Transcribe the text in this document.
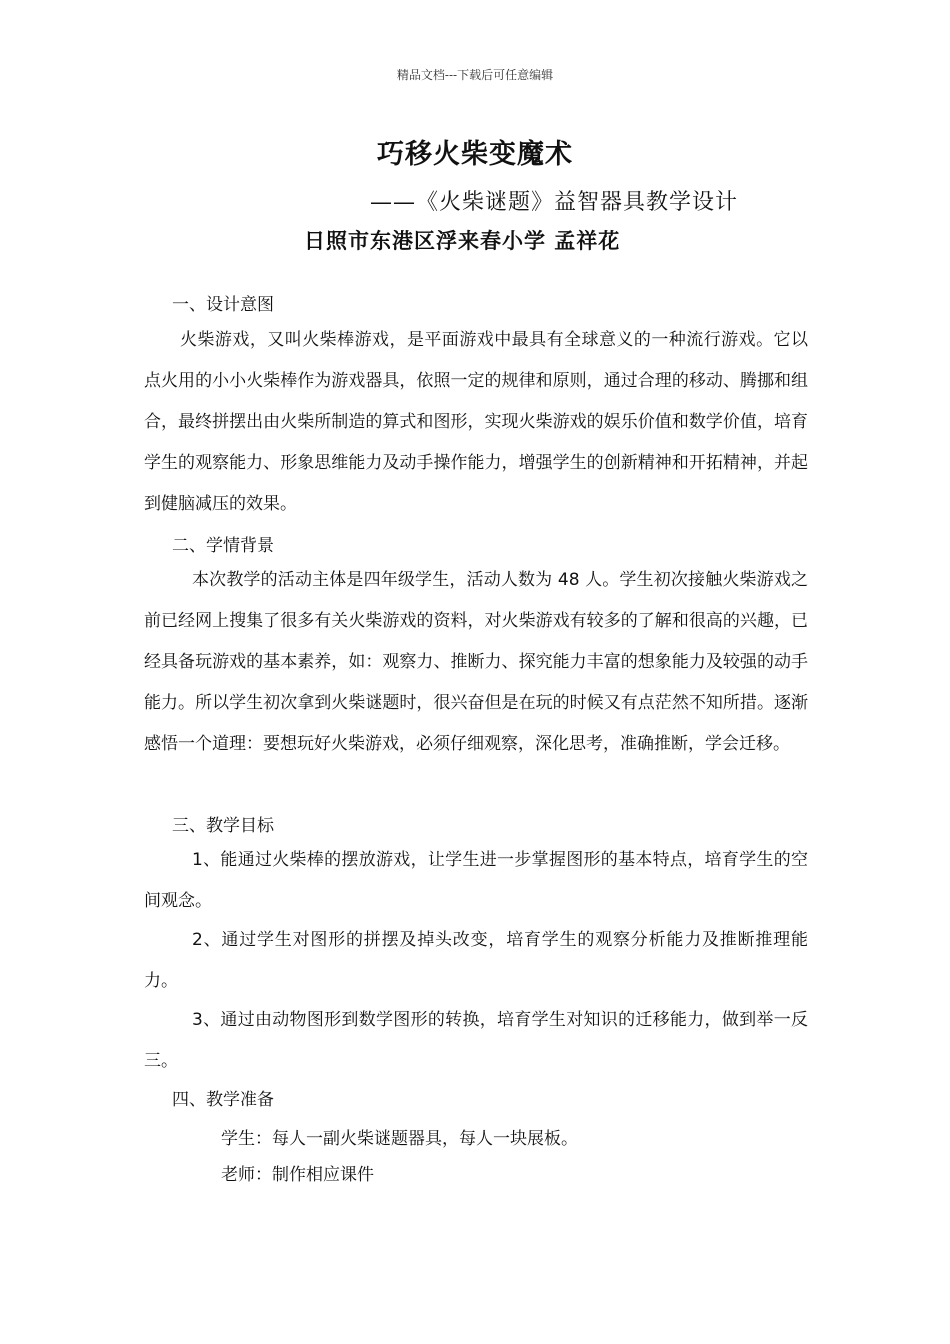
精品文档---下载后可任意编辑
巧移火柴变魔术
——《火柴谜题》益智器具教学设计
日照市东港区浮来春小学 孟祥花
一、设计意图
火柴游戏，又叫火柴棒游戏，是平面游戏中最具有全球意义的一种流行游戏。它以点火用的小小火柴棒作为游戏器具，依照一定的规律和原则，通过合理的移动、腾挪和组合，最终拼摆出由火柴所制造的算式和图形，实现火柴游戏的娱乐价值和数学价值，培育学生的观察能力、形象思维能力及动手操作能力，增强学生的创新精神和开拓精神，并起到健脑减压的效果。
二、学情背景
本次教学的活动主体是四年级学生，活动人数为 48 人。学生初次接触火柴游戏之前已经网上搜集了很多有关火柴游戏的资料，对火柴游戏有较多的了解和很高的兴趣，已经具备玩游戏的基本素养，如：观察力、推断力、探究能力丰富的想象能力及较强的动手能力。所以学生初次拿到火柴谜题时，很兴奋但是在玩的时候又有点茫然不知所措。逐渐感悟一个道理：要想玩好火柴游戏，必须仔细观察，深化思考，准确推断，学会迁移。
三、教学目标
1、能通过火柴棒的摆放游戏，让学生进一步掌握图形的基本特点，培育学生的空间观念。
2、通过学生对图形的拼摆及掉头改变，培育学生的观察分析能力及推断推理能力。
3、通过由动物图形到数学图形的转换，培育学生对知识的迁移能力，做到举一反三。
四、教学准备
学生：每人一副火柴谜题器具，每人一块展板。
老师：制作相应课件
